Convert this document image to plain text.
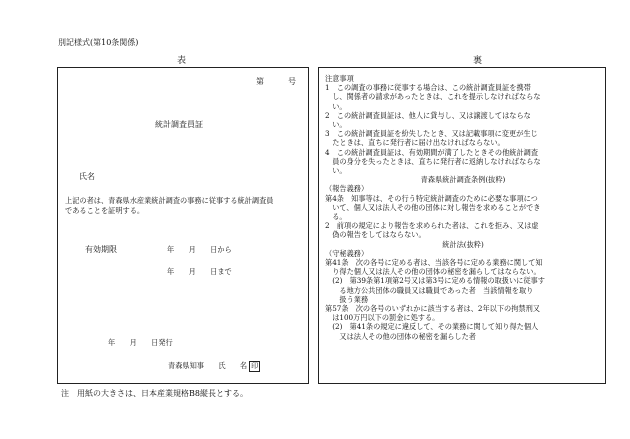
別記様式(第10条関係)
表	裏
第　　　号
統計調査員証
氏名
上記の者は、青森県水産業統計調査の事務に従事する統計調査員
であることを証明する。
有効期限	年　　月　　日から
年　　月　　日まで
年　　月　　日発行
青森県知事　　氏　　名 印
注意事項
1　この調査の事務に従事する場合は、この統計調査員証を携帯
　し、関係者の請求があったときは、これを提示しなければならな
　い。
2　この統計調査員証は、他人に貸与し、又は譲渡してはならな
　い。
3　この統計調査員証を紛失したとき、又は記載事項に変更が生じ
　たときは、直ちに発行者に届け出なければならない。
4　この統計調査員証は、有効期間が満了したときその他統計調査
　員の身分を失ったときは、直ちに発行者に返納しなければならな
　い。
青森県統計調査条例(抜粋)
（報告義務）
第4条　知事等は、その行う特定統計調査のために必要な事項につ
　いて、個人又は法人その他の団体に対し報告を求めることができ
　る。
2　前項の規定により報告を求められた者は、これを拒み、又は虚
　偽の報告をしてはならない。
統計法(抜粋)
（守秘義務）
第41条　次の各号に定める者は、当該各号に定める業務に関して知
　り得た個人又は法人その他の団体の秘密を漏らしてはならない。
　(2)　第39条第1項第2号又は第3号に定める情報の取扱いに従事す
　　る地方公共団体の職員又は職員であった者　当該情報を取り
　　扱う業務
第57条　次の各号のいずれかに該当する者は、2年以下の拘禁刑又
　は100万円以下の罰金に処する。
　(2)　第41条の規定に違反して、その業務に関して知り得た個人
　　又は法人その他の団体の秘密を漏らした者
注　用紙の大きさは、日本産業規格B8縦長とする。
